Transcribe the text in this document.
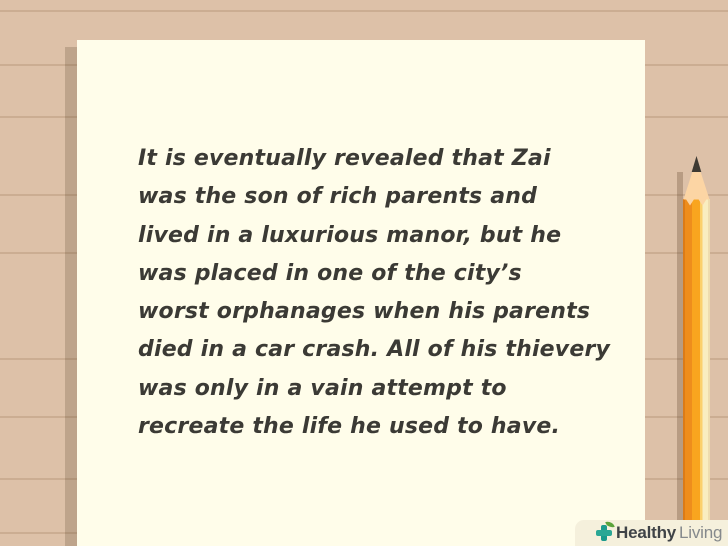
It is eventually revealed that Zai
was the son of rich parents and
lived in a luxurious manor, but he
was placed in one of the city’s
worst orphanages when his parents
died in a car crash. All of his thievery
was only in a vain attempt to
recreate the life he used to have.
Healthy Living
